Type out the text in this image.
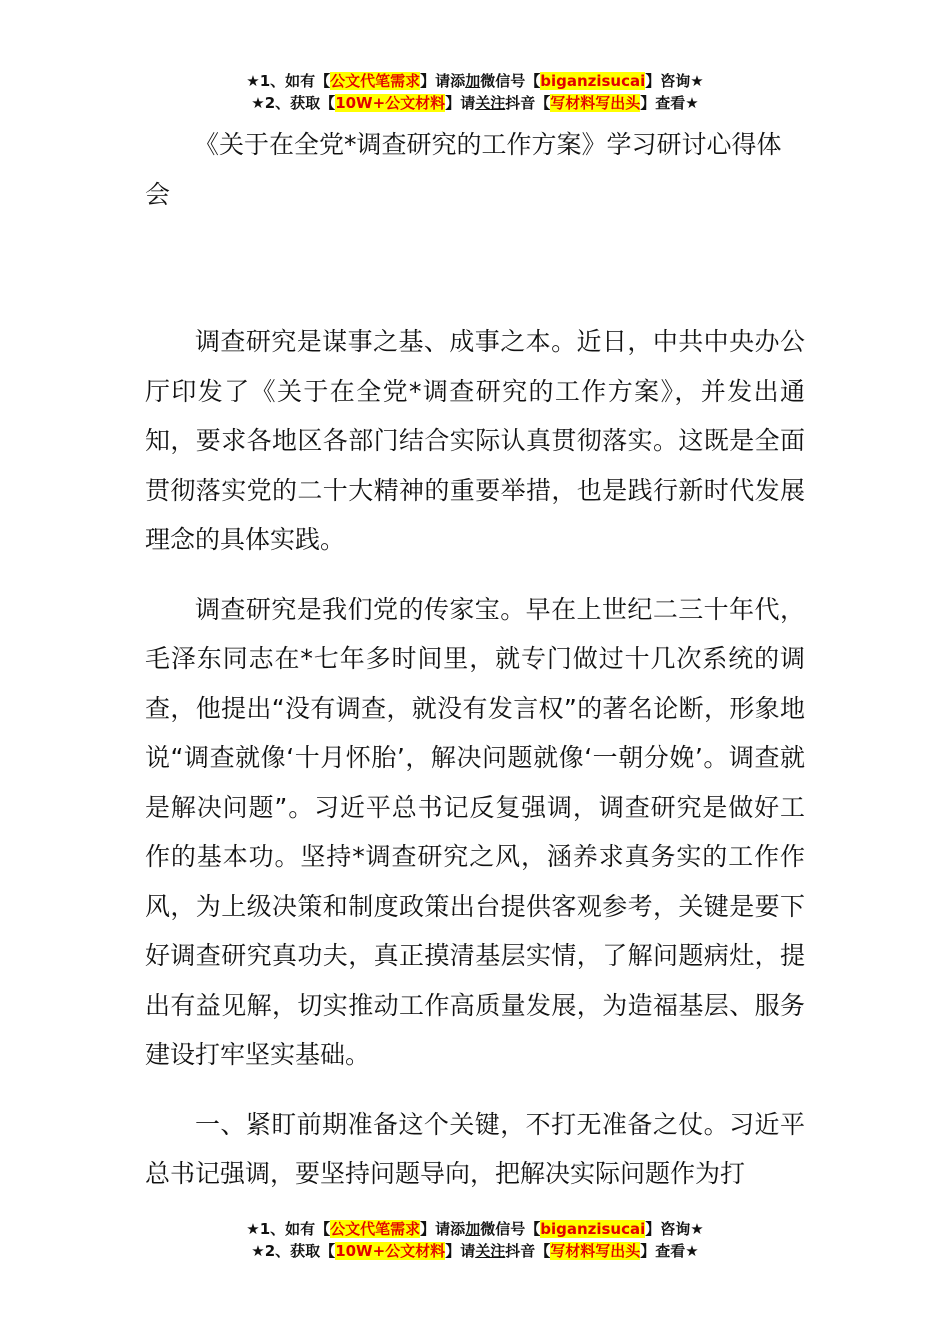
★1、如有【公文代笔需求】请添加微信号【biganzisucai】咨询★
★2、获取【10W+公文材料】请关注抖音【写材料写出头】查看★
《关于在全党*调查研究的工作方案》学习研讨心得体会

调查研究是谋事之基、成事之本。近日，中共中央办公厅印发了《关于在全党*调查研究的工作方案》，并发出通知，要求各地区各部门结合实际认真贯彻落实。这既是全面贯彻落实党的二十大精神的重要举措，也是践行新时代发展理念的具体实践。

调查研究是我们党的传家宝。早在上世纪二三十年代，毛泽东同志在*七年多时间里，就专门做过十几次系统的调查，他提出“没有调查，就没有发言权”的著名论断，形象地说“调查就像‘十月怀胎’，解决问题就像‘一朝分娩’。调查就是解决问题”。习近平总书记反复强调，调查研究是做好工作的基本功。坚持*调查研究之风，涵养求真务实的工作作风，为上级决策和制度政策出台提供客观参考，关键是要下好调查研究真功夫，真正摸清基层实情，了解问题病灶，提出有益见解，切实推动工作高质量发展，为造福基层、服务建设打牢坚实基础。

一、紧盯前期准备这个关键，不打无准备之仗。习近平总书记强调，要坚持问题导向，把解决实际问题作为打

★1、如有【公文代笔需求】请添加微信号【biganzisucai】咨询★
★2、获取【10W+公文材料】请关注抖音【写材料写出头】查看★
